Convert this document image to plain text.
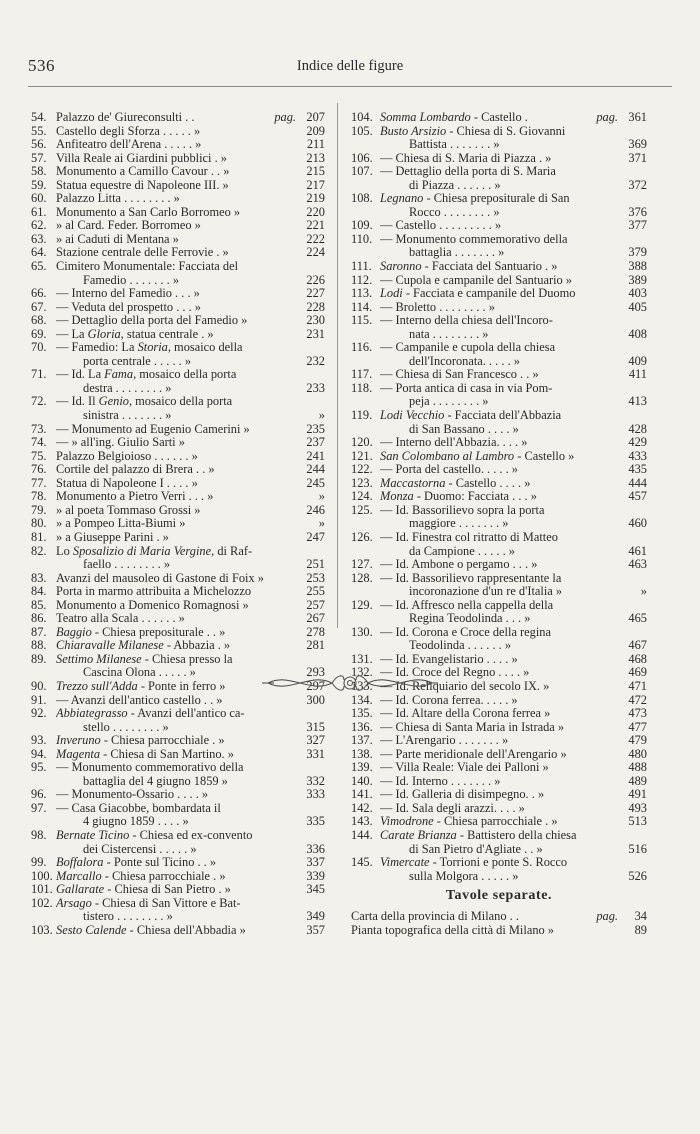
536	Indice delle figure
54. Palazzo de' Giureconsulti . .	pag. 207
55. Castello degli Sforza . . . . . »	209
56. Anfiteatro dell'Arena . . . . . »	211
57. Villa Reale ai Giardini pubblici . »	213
58. Monumento a Camillo Cavour . . »	215
59. Statua equestre di Napoleone III. »	217
60. Palazzo Litta . . . . . . . . »	219
61. Monumento a San Carlo Borromeo »	220
62. » al Card. Feder. Borromeo »	221
63. » ai Caduti di Mentana »	222
64. Stazione centrale delle Ferrovie . »	224
65. Cimitero Monumentale: Facciata del
Famedio . . . . . . . »	226
66. — Interno del Famedio . . . »	227
67. — Veduta del prospetto . . . »	228
68. — Dettaglio della porta del Famedio »	230
69. — La Gloria, statua centrale . »	231
70. — Famedio: La Storia, mosaico della
porta centrale . . . . . »	232
71. — Id. La Fama, mosaico della porta
destra . . . . . . . . »	233
72. — Id. Il Genio, mosaico della porta
sinistra . . . . . . . »	»
73. — Monumento ad Eugenio Camerini »	235
74. — » all'ing. Giulio Sarti »	237
75. Palazzo Belgioioso . . . . . . »	241
76. Cortile del palazzo di Brera . . »	244
77. Statua di Napoleone I . . . . »	245
78. Monumento a Pietro Verri . . . »	»
79. » al poeta Tommaso Grossi »	246
80. » a Pompeo Litta-Biumi »	»
81. » a Giuseppe Parini . »	247
82. Lo Sposalizio di Maria Vergine, di Raf-
faello . . . . . . . . »	251
83. Avanzi del mausoleo di Gastone di Foix »	253
84. Porta in marmo attribuita a Michelozzo	255
85. Monumento a Domenico Romagnosi »	257
86. Teatro alla Scala . . . . . . »	267
87. Baggio - Chiesa prepositurale . . »	278
88. Chiaravalle Milanese - Abbazia . »	281
89. Settimo Milanese - Chiesa presso la
Cascina Olona . . . . . »	293
90. Trezzo sull'Adda - Ponte in ferro »	297
91. — Avanzi dell'antico castello . . »	300
92. Abbiategrasso - Avanzi dell'antico ca-
stello . . . . . . . . »	315
93. Inveruno - Chiesa parrocchiale . »	327
94. Magenta - Chiesa di San Martino. »	331
95. — Monumento commemorativo della
battaglia del 4 giugno 1859 »	332
96. — Monumento-Ossario . . . . »	333
97. — Casa Giacobbe, bombardata il
4 giugno 1859 . . . . »	335
98. Bernate Ticino - Chiesa ed ex-convento
dei Cistercensi . . . . . »	336
99. Boffalora - Ponte sul Ticino . . »	337
100. Marcallo - Chiesa parrocchiale . »	339
101. Gallarate - Chiesa di San Pietro . »	345
102. Arsago - Chiesa di San Vittore e Bat-
tistero . . . . . . . . »	349
103. Sesto Calende - Chiesa dell'Abbadia »	357
104. Somma Lombardo - Castello .	pag. 361
105. Busto Arsizio - Chiesa di S. Giovanni
Battista . . . . . . . »	369
106. — Chiesa di S. Maria di Piazza . »	371
107. — Dettaglio della porta di S. Maria
di Piazza . . . . . . »	372
108. Legnano - Chiesa prepositurale di San
Rocco . . . . . . . . »	376
109. — Castello . . . . . . . . . »	377
110. — Monumento commemorativo della
battaglia . . . . . . . »	379
111. Saronno - Facciata del Santuario . »	388
112. — Cupola e campanile del Santuario »	389
113. Lodi - Facciata e campanile del Duomo	403
114. — Broletto . . . . . . . . »	405
115. — Interno della chiesa dell'Incoro-
nata . . . . . . . . »	408
116. — Campanile e cupola della chiesa
dell'Incoronata. . . . . »	409
117. — Chiesa di San Francesco . . »	411
118. — Porta antica di casa in via Pom-
peja . . . . . . . . »	413
119. Lodi Vecchio - Facciata dell'Abbazia
di San Bassano . . . . »	428
120. — Interno dell'Abbazia. . . . »	429
121. San Colombano al Lambro - Castello »	433
122. — Porta del castello. . . . . »	435
123. Maccastorna - Castello . . . . »	444
124. Monza - Duomo: Facciata . . . »	457
125. — Id. Bassorilievo sopra la porta
maggiore . . . . . . . »	460
126. — Id. Finestra col ritratto di Matteo
da Campione . . . . . »	461
127. — Id. Ambone o pergamo . . . »	463
128. — Id. Bassorilievo rappresentante la
incoronazione d'un re d'Italia »	»
129. — Id. Affresco nella cappella della
Regina Teodolinda . . . »	465
130. — Id. Corona e Croce della regina
Teodolinda . . . . . . »	467
131. — Id. Evangelistario . . . . »	468
132. — Id. Croce del Regno . . . . »	469
133. — Id. Reliquiario del secolo IX. »	471
134. — Id. Corona ferrea. . . . . »	472
135. — Id. Altare della Corona ferrea »	473
136. — Chiesa di Santa Maria in Istrada »	477
137. — L'Arengario . . . . . . . »	479
138. — Parte meridionale dell'Arengario »	480
139. — Villa Reale: Viale dei Palloni »	488
140. — Id. Interno . . . . . . . »	489
141. — Id. Galleria di disimpegno. . »	491
142. — Id. Sala degli arazzi. . . . »	493
143. Vimodrone - Chiesa parrocchiale . »	513
144. Carate Brianza - Battistero della chiesa
di San Pietro d'Agliate . . »	516
145. Vimercate - Torrioni e ponte S. Rocco
sulla Molgora . . . . . »	526
Tavole separate.
Carta della provincia di Milano . .	pag.	34
Pianta topografica della città di Milano »	89
